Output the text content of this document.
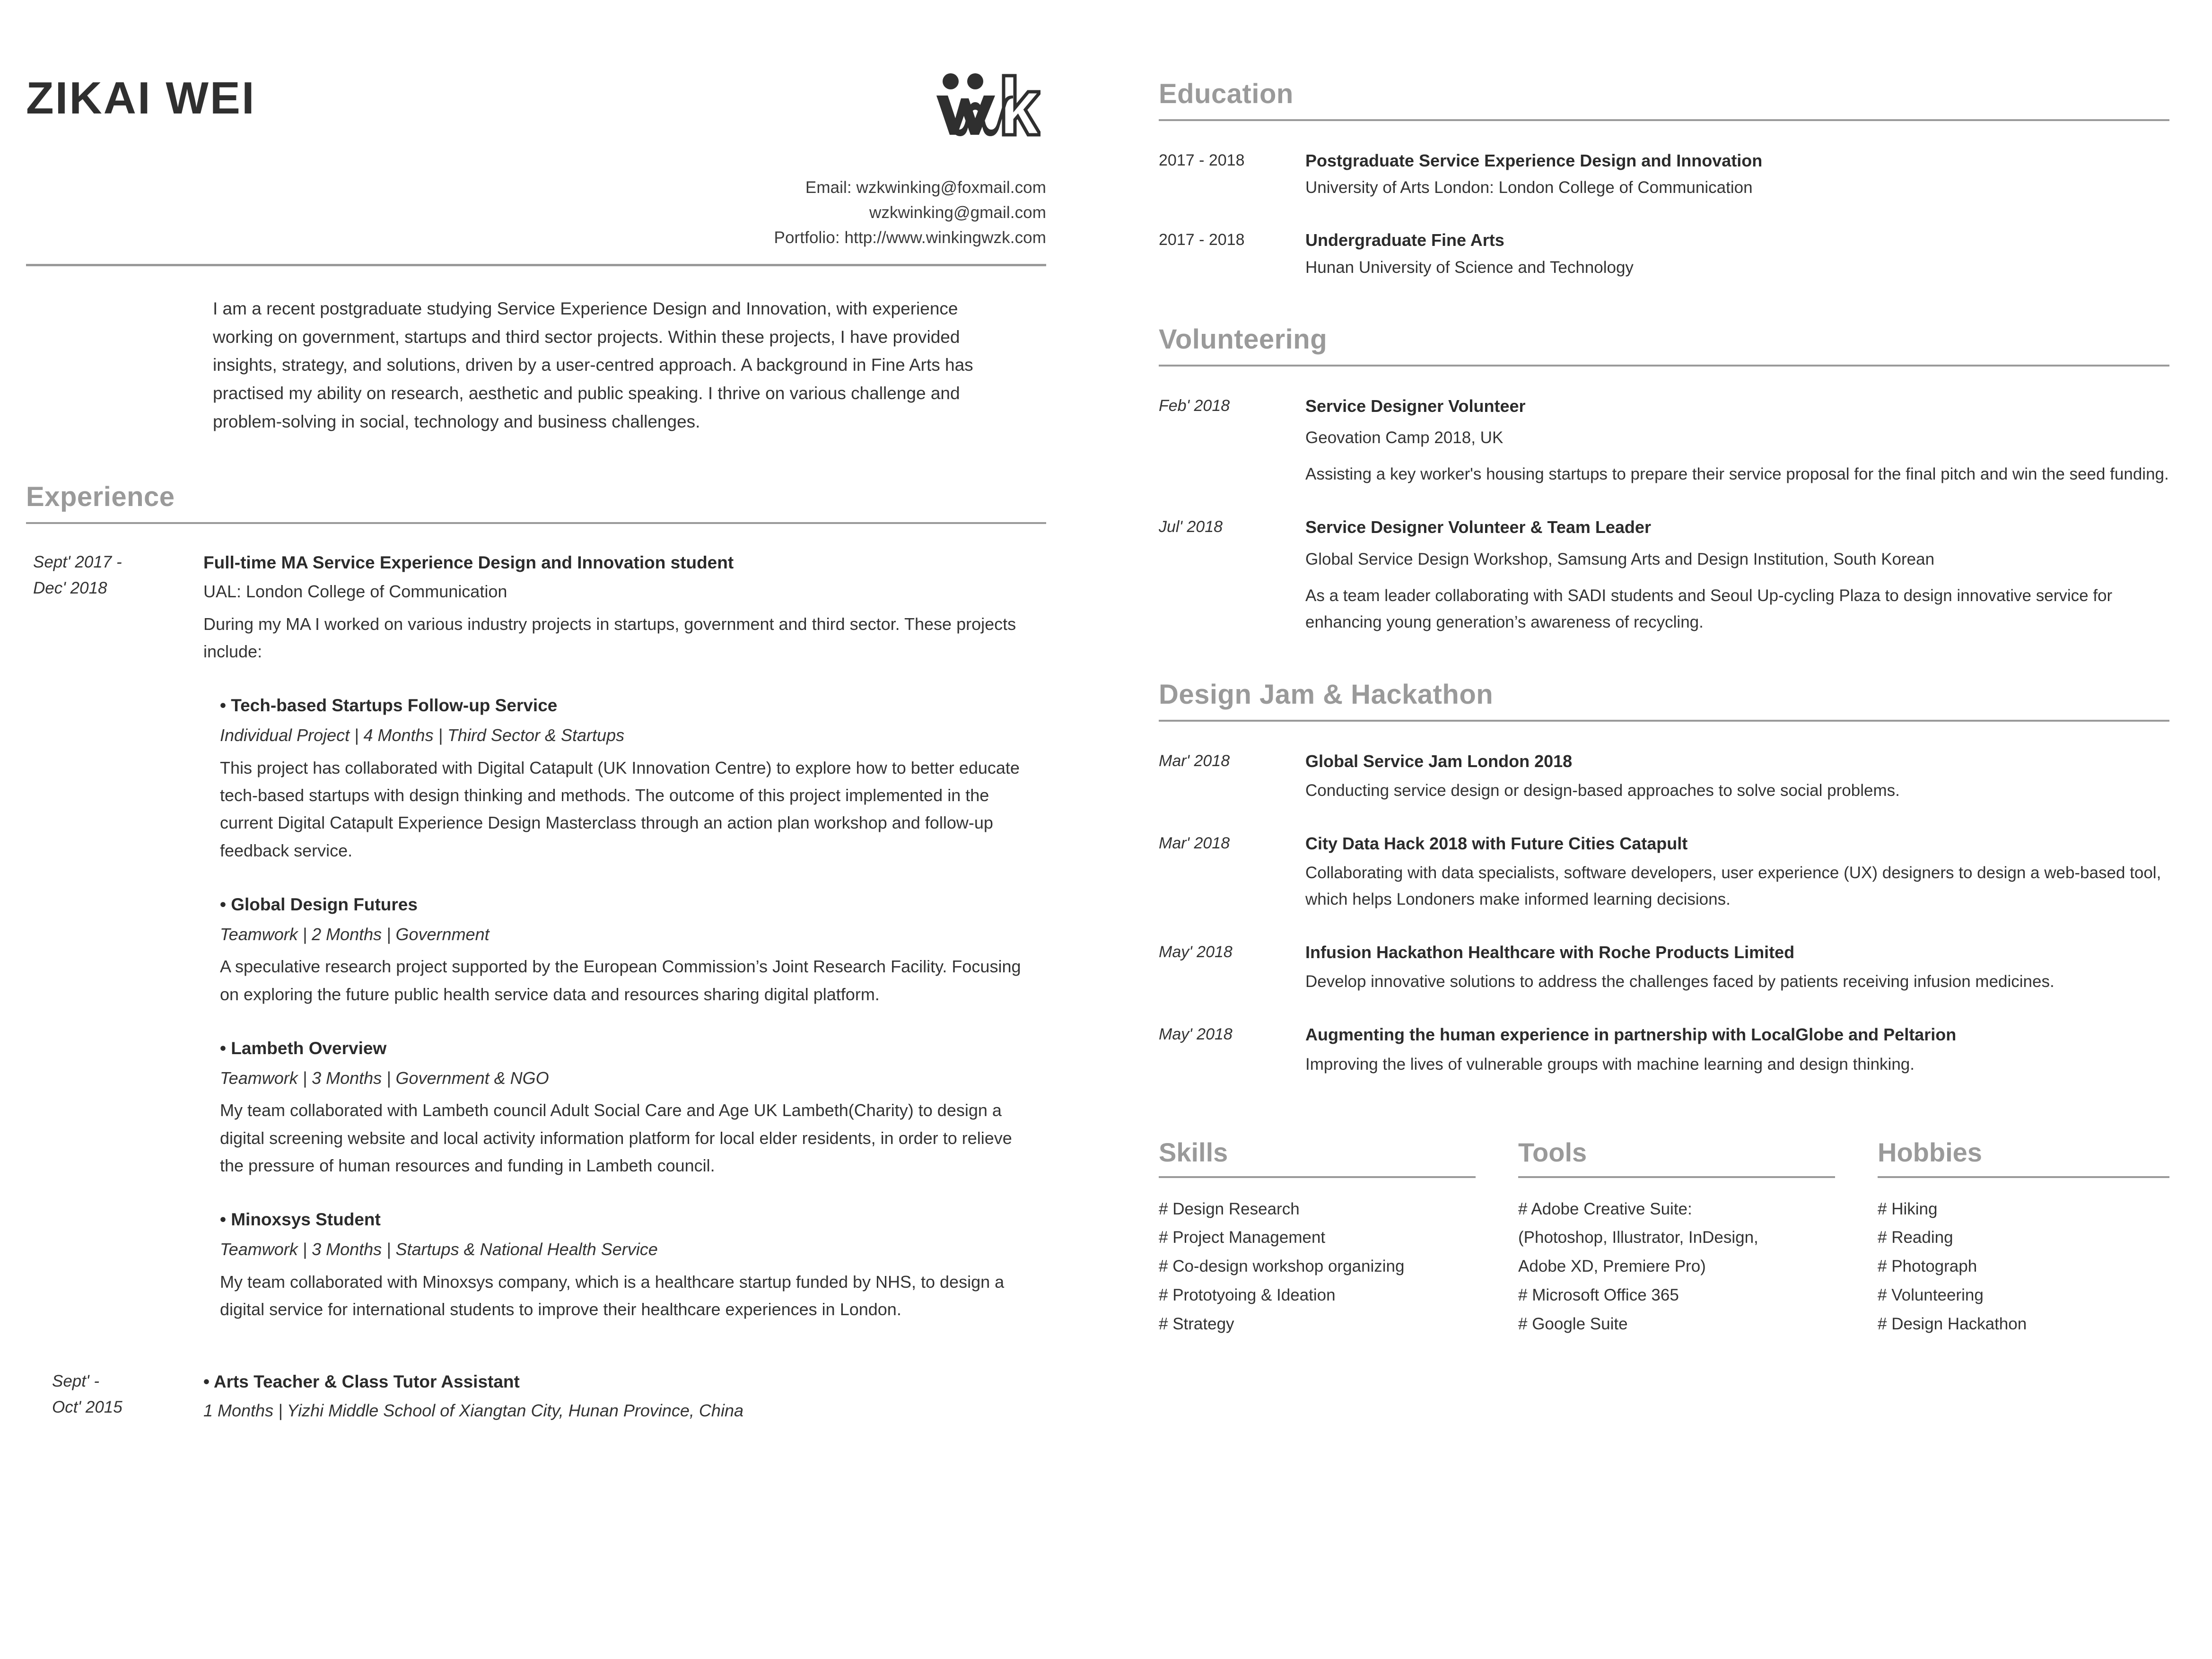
ZIKAI WEI
Email: wzkwinking@foxmail.com
wzkwinking@gmail.com
Portfolio: http://www.winkingwzk.com

I am a recent postgraduate studying Service Experience Design and Innovation, with experience working on government, startups and third sector projects. Within these projects, I have provided insights, strategy, and solutions, driven by a user-centred approach. A background in Fine Arts has practised my ability on research, aesthetic and public speaking. I thrive on various challenge and problem-solving in social, technology and business challenges.

Experience
Sept' 2017 -
Dec' 2018
Full-time MA Service Experience Design and Innovation student
UAL: London College of Communication
During my MA I worked on various industry projects in startups, government and third sector. These projects include:
• Tech-based Startups Follow-up Service
Individual Project | 4 Months | Third Sector & Startups
This project has collaborated with Digital Catapult (UK Innovation Centre) to explore how to better educate tech-based startups with design thinking and methods. The outcome of this project implemented in the current Digital Catapult Experience Design Masterclass through an action plan workshop and follow-up feedback service.
• Global Design Futures
Teamwork | 2 Months | Government
A speculative research project supported by the European Commission’s Joint Research Facility. Focusing on exploring the future public health service data and resources sharing digital platform.
• Lambeth Overview
Teamwork | 3 Months | Government & NGO
My team collaborated with Lambeth council Adult Social Care and Age UK Lambeth(Charity) to design a digital screening website and local activity information platform for local elder residents, in order to relieve the pressure of human resources and funding in Lambeth council.
• Minoxsys Student
Teamwork | 3 Months | Startups & National Health Service
My team collaborated with Minoxsys company, which is a healthcare startup funded by NHS, to design a digital service for international students to improve their healthcare experiences in London.
Sept' -
Oct' 2015
• Arts Teacher & Class Tutor Assistant
1 Months | Yizhi Middle School of Xiangtan City, Hunan Province, China
Education
2017 - 2018	Postgraduate Service Experience Design and Innovation
University of Arts London: London College of Communication
2017 - 2018	Undergraduate Fine Arts
Hunan University of Science and Technology
Volunteering
Feb' 2018	Service Designer Volunteer
Geovation Camp 2018, UK
Assisting a key worker's housing startups to prepare their service proposal for the final pitch and win the seed funding.
Jul' 2018	Service Designer Volunteer & Team Leader
Global Service Design Workshop, Samsung Arts and Design Institution, South Korean
As a team leader collaborating with SADI students and Seoul Up-cycling Plaza to design innovative service for enhancing young generation’s awareness of recycling.
Design Jam & Hackathon
Mar' 2018	Global Service Jam London 2018
Conducting service design or design-based approaches to solve social problems.
Mar' 2018	City Data Hack 2018 with Future Cities Catapult
Collaborating with data specialists, software developers, user experience (UX) designers to design a web-based tool, which helps Londoners make informed learning decisions.
May' 2018	Infusion Hackathon Healthcare with Roche Products Limited
Develop innovative solutions to address the challenges faced by patients receiving infusion medicines.
May' 2018	Augmenting the human experience in partnership with LocalGlobe and Peltarion
Improving the lives of vulnerable groups with machine learning and design thinking.
Skills
# Design Research
# Project Management
# Co-design workshop organizing
# Prototyoing & Ideation
# Strategy
Tools
# Adobe Creative Suite:
(Photoshop, Illustrator, InDesign,
Adobe XD, Premiere Pro)
# Microsoft Office 365
# Google Suite
Hobbies
# Hiking
# Reading
# Photograph
# Volunteering
# Design Hackathon
